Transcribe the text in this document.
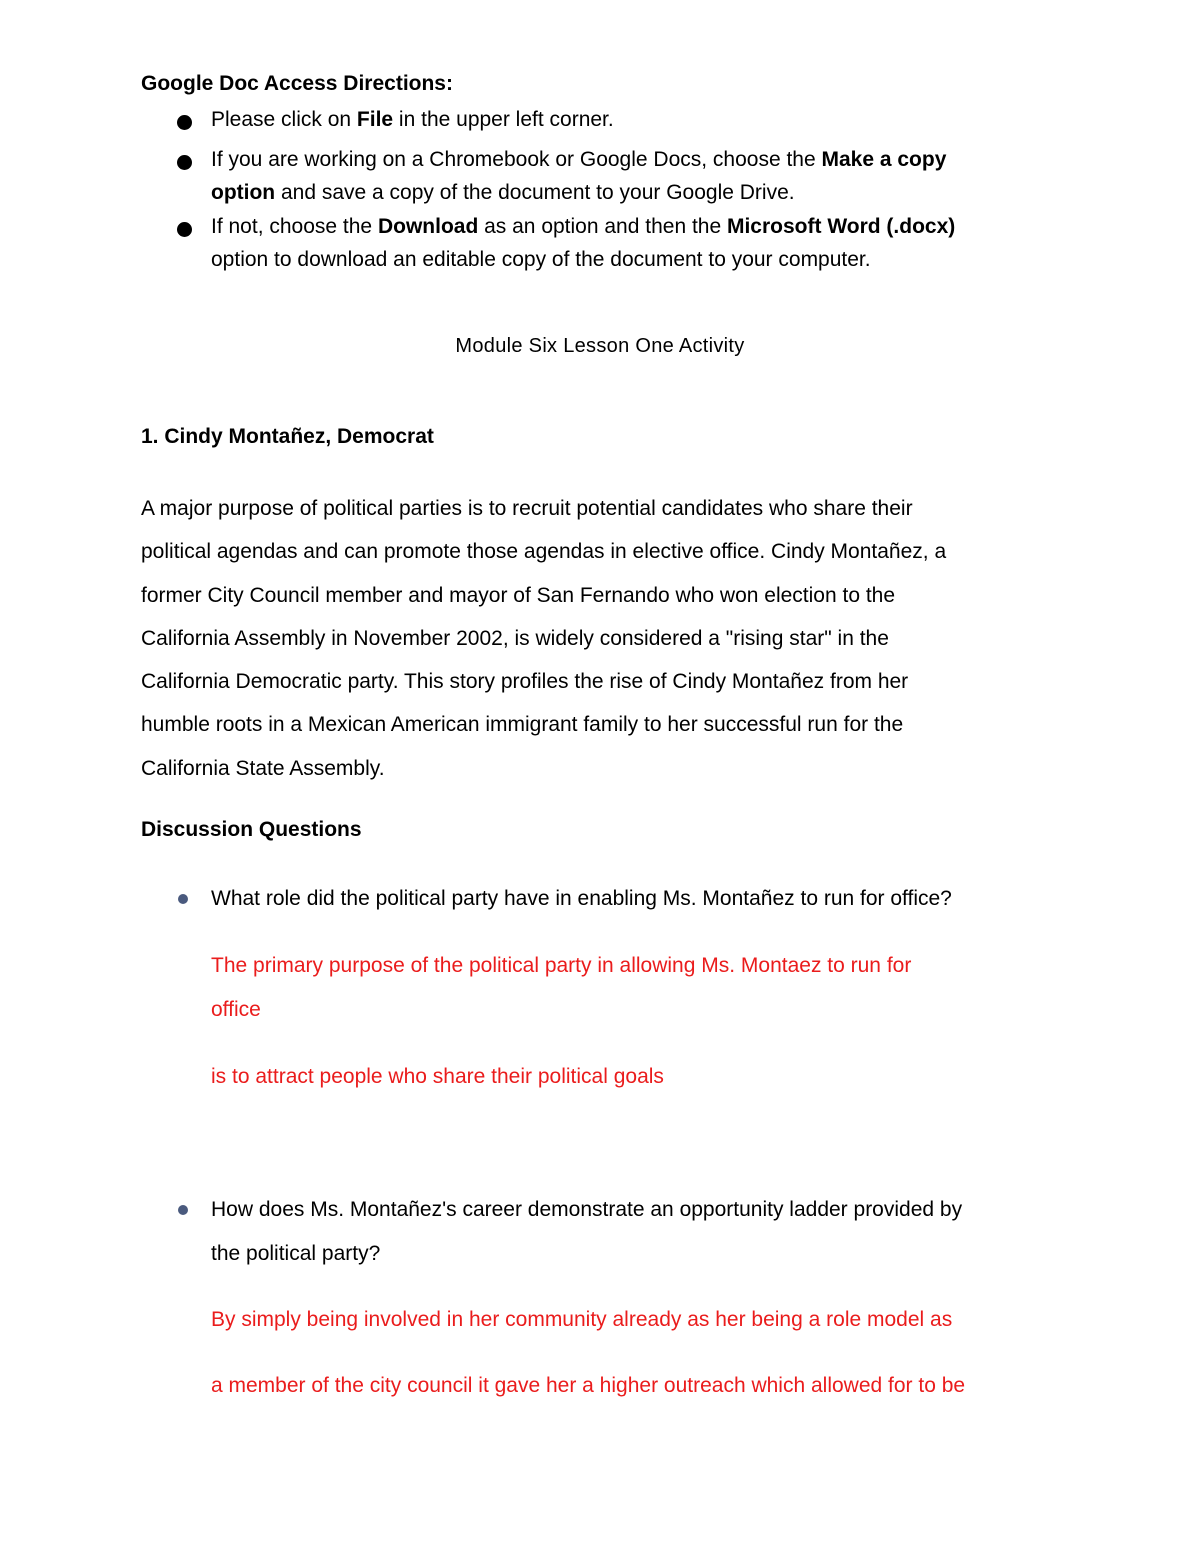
Google Doc Access Directions:
Please click on File in the upper left corner.
If you are working on a Chromebook or Google Docs, choose the Make a copy
option and save a copy of the document to your Google Drive.
If not, choose the Download as an option and then the Microsoft Word (.docx)
option to download an editable copy of the document to your computer.
Module Six Lesson One Activity
1. Cindy Montañez, Democrat
A major purpose of political parties is to recruit potential candidates who share their
political agendas and can promote those agendas in elective office. Cindy Montañez, a
former City Council member and mayor of San Fernando who won election to the
California Assembly in November 2002, is widely considered a "rising star" in the
California Democratic party. This story profiles the rise of Cindy Montañez from her
humble roots in a Mexican American immigrant family to her successful run for the
California State Assembly.
Discussion Questions
What role did the political party have in enabling Ms. Montañez to run for office?
The primary purpose of the political party in allowing Ms. Montaez to run for
office
is to attract people who share their political goals
How does Ms. Montañez's career demonstrate an opportunity ladder provided by
the political party?
By simply being involved in her community already as her being a role model as
a member of the city council it gave her a higher outreach which allowed for to be
